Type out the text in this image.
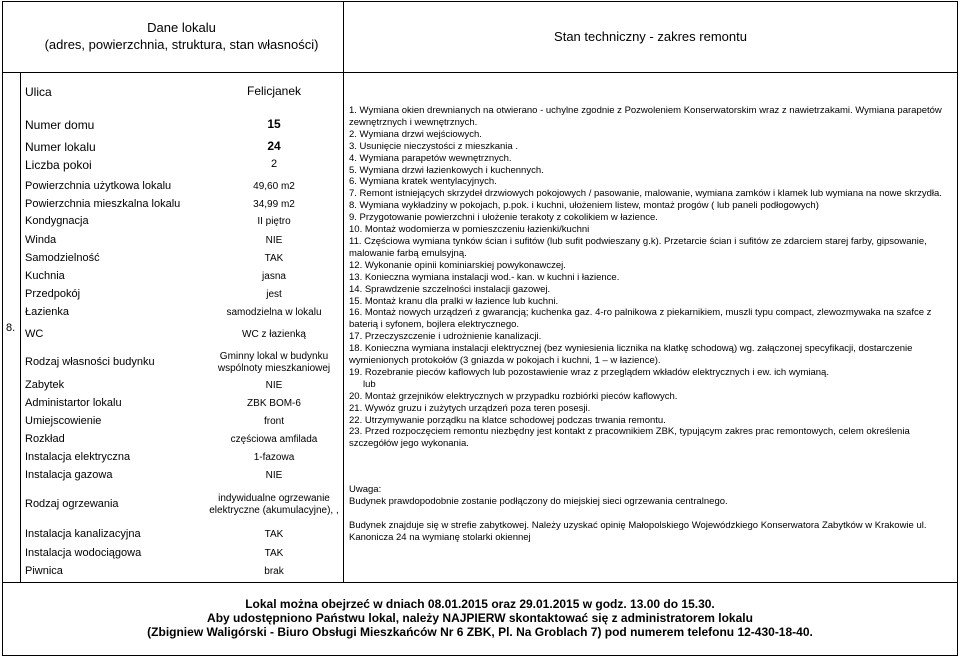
Dane lokalu
(adres, powierzchnia, struktura, stan własności)
Stan techniczny - zakres remontu
8.
Ulica	Felicjanek
Numer domu	15
Numer lokalu	24
Liczba pokoi	2
Powierzchnia użytkowa lokalu	49,60 m2
Powierzchnia mieszkalna lokalu	34,99 m2
Kondygnacja	II piętro
Winda	NIE
Samodzielność	TAK
Kuchnia	jasna
Przedpokój	jest
Łazienka	samodzielna w lokalu
WC	WC z łazienką
Rodzaj własności budynku	Gminny lokal w budynku wspólnoty mieszkaniowej
Zabytek	NIE
Administartor lokalu	ZBK BOM-6
Umiejscowienie	front
Rozkład	częściowa amfilada
Instalacja elektryczna	1-fazowa
Instalacja gazowa	NIE
Rodzaj ogrzewania	indywidualne ogrzewanie elektryczne (akumulacyjne), ,
Instalacja kanalizacyjna	TAK
Instalacja wodociągowa	TAK
Piwnica	brak
1. Wymiana okien drewnianych na otwierano - uchylne zgodnie z Pozwoleniem Konserwatorskim wraz z nawietrzakami. Wymiana parapetów zewnętrznych i wewnętrznych.
2. Wymiana drzwi wejściowych.
3. Usunięcie nieczystości z mieszkania .
4. Wymiana parapetów wewnętrznych.
5. Wymiana drzwi łazienkowych i kuchennych.
6. Wymiana kratek wentylacyjnych.
7. Remont istniejących skrzydeł drzwiowych pokojowych / pasowanie, malowanie, wymiana zamków i klamek lub wymiana na nowe skrzydła.
8. Wymiana wykładziny w pokojach, p.pok. i kuchni, ułożeniem listew, montaż progów ( lub paneli podłogowych)
9. Przygotowanie powierzchni i ułożenie terakoty z cokolikiem w łazience.
10. Montaż wodomierza w pomieszczeniu łazienki/kuchni
11. Częściowa wymiana tynków ścian i sufitów (lub sufit podwieszany g.k). Przetarcie ścian i sufitów ze zdarciem starej farby, gipsowanie, malowanie farbą emulsyjną.
12. Wykonanie opinii kominiarskiej powykonawczej.
13. Konieczna wymiana instalacji wod.- kan. w kuchni i łazience.
14. Sprawdzenie szczelności instalacji gazowej.
15. Montaż kranu dla pralki w łazience lub kuchni.
16. Montaż nowych urządzeń z gwarancją; kuchenka gaz. 4-ro palnikowa z piekarnikiem, muszli typu compact, zlewozmywaka na szafce z baterią i syfonem, bojlera elektrycznego.
17. Przeczyszczenie i udrożnienie kanalizacji.
18. Konieczna wymiana instalacji elektrycznej (bez wyniesienia licznika na klatkę schodową) wg. załączonej specyfikacji, dostarczenie wymienionych protokołów (3 gniazda w pokojach i kuchni, 1 – w łazience).
19. Rozebranie pieców kaflowych lub pozostawienie wraz z przeglądem wkładów elektrycznych i ew. ich wymianą.
lub
20. Montaż grzejników elektrycznych w przypadku rozbiórki pieców kaflowych.
21. Wywóz gruzu i zużytych urządzeń poza teren posesji.
22. Utrzymywanie porządku na klatce schodowej podczas trwania remontu.
23. Przed rozpoczęciem remontu niezbędny jest kontakt z pracownikiem ZBK, typującym zakres prac remontowych, celem określenia szczegółów jego wykonania.
Uwaga:
Budynek prawdopodobnie zostanie podłączony do miejskiej sieci ogrzewania centralnego.
Budynek znajduje się w strefie zabytkowej. Należy uzyskać opinię Małopolskiego Wojewódzkiego Konserwatora Zabytków w Krakowie ul. Kanonicza 24 na wymianę stolarki okiennej
Lokal można obejrzeć w dniach 08.01.2015 oraz 29.01.2015 w godz. 13.00 do 15.30.
Aby udostępniono Państwu lokal, należy NAJPIERW skontaktować się z administratorem lokalu
(Zbigniew Waligórski - Biuro Obsługi Mieszkańców Nr 6 ZBK, Pl. Na Groblach 7) pod numerem telefonu 12-430-18-40.
